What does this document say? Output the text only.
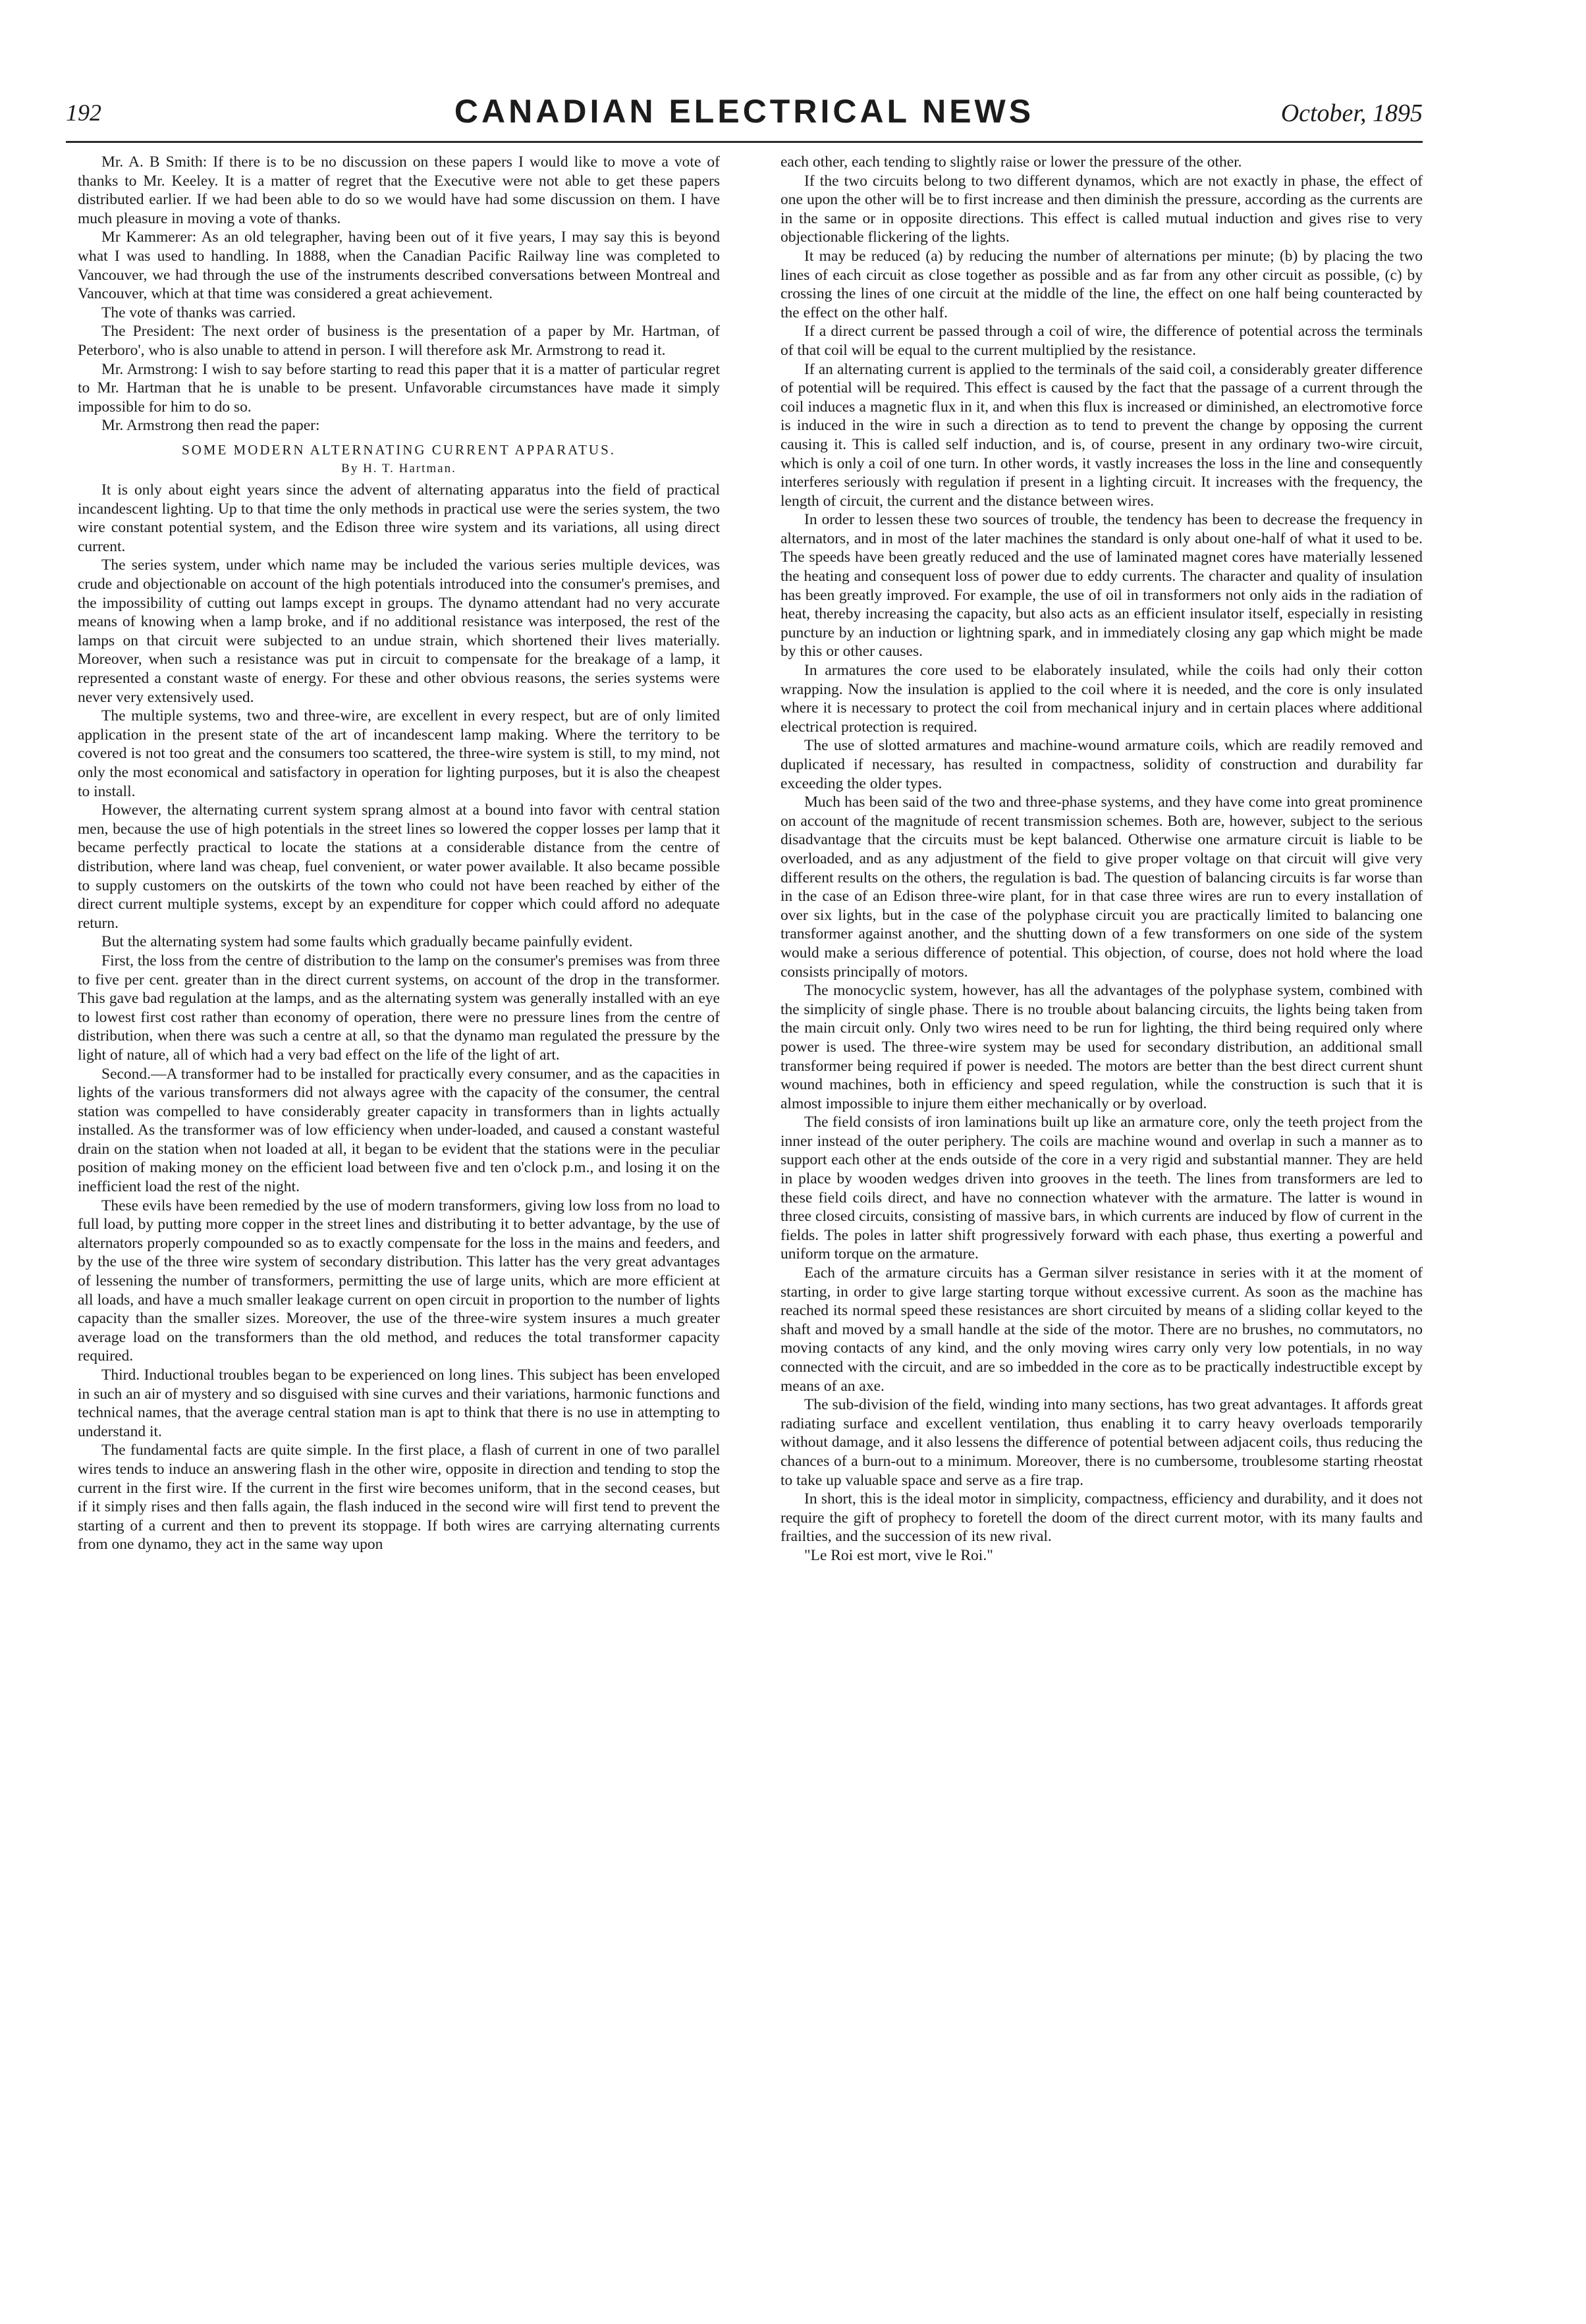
192	CANADIAN ELECTRICAL NEWS	October, 1895

Mr. A. B Smith: If there is to be no discussion on these papers I would like to move a vote of thanks to Mr. Keeley. It is a matter of regret that the Executive were not able to get these papers distributed earlier. If we had been able to do so we would have had some discussion on them. I have much pleasure in moving a vote of thanks.

Mr Kammerer: As an old telegrapher, having been out of it five years, I may say this is beyond what I was used to handling. In 1888, when the Canadian Pacific Railway line was completed to Vancouver, we had through the use of the instruments described conversations between Montreal and Vancouver, which at that time was considered a great achievement.

The vote of thanks was carried.

The President: The next order of business is the presentation of a paper by Mr. Hartman, of Peterboro', who is also unable to attend in person. I will therefore ask Mr. Armstrong to read it.

Mr. Armstrong: I wish to say before starting to read this paper that it is a matter of particular regret to Mr. Hartman that he is unable to be present. Unfavorable circumstances have made it simply impossible for him to do so.

Mr. Armstrong then read the paper:

SOME MODERN ALTERNATING CURRENT APPARATUS.

By H. T. Hartman.

It is only about eight years since the advent of alternating apparatus into the field of practical incandescent lighting. Up to that time the only methods in practical use were the series system, the two wire constant potential system, and the Edison three wire system and its variations, all using direct current.

The series system, under which name may be included the various series multiple devices, was crude and objectionable on account of the high potentials introduced into the consumer's premises, and the impossibility of cutting out lamps except in groups. The dynamo attendant had no very accurate means of knowing when a lamp broke, and if no additional resistance was interposed, the rest of the lamps on that circuit were subjected to an undue strain, which shortened their lives materially. Moreover, when such a resistance was put in circuit to compensate for the breakage of a lamp, it represented a constant waste of energy. For these and other obvious reasons, the series systems were never very extensively used.

The multiple systems, two and three-wire, are excellent in every respect, but are of only limited application in the present state of the art of incandescent lamp making. Where the territory to be covered is not too great and the consumers too scattered, the three-wire system is still, to my mind, not only the most economical and satisfactory in operation for lighting purposes, but it is also the cheapest to install.

However, the alternating current system sprang almost at a bound into favor with central station men, because the use of high potentials in the street lines so lowered the copper losses per lamp that it became perfectly practical to locate the stations at a considerable distance from the centre of distribution, where land was cheap, fuel convenient, or water power available. It also became possible to supply customers on the outskirts of the town who could not have been reached by either of the direct current multiple systems, except by an expenditure for copper which could afford no adequate return.

But the alternating system had some faults which gradually became painfully evident.

First, the loss from the centre of distribution to the lamp on the consumer's premises was from three to five per cent. greater than in the direct current systems, on account of the drop in the transformer. This gave bad regulation at the lamps, and as the alternating system was generally installed with an eye to lowest first cost rather than economy of operation, there were no pressure lines from the centre of distribution, when there was such a centre at all, so that the dynamo man regulated the pressure by the light of nature, all of which had a very bad effect on the life of the light of art.

Second.—A transformer had to be installed for practically every consumer, and as the capacities in lights of the various transformers did not always agree with the capacity of the consumer, the central station was compelled to have considerably greater capacity in transformers than in lights actually installed. As the transformer was of low efficiency when under-loaded, and caused a constant wasteful drain on the station when not loaded at all, it began to be evident that the stations were in the peculiar position of making money on the efficient load between five and ten o'clock p.m., and losing it on the inefficient load the rest of the night.

These evils have been remedied by the use of modern transformers, giving low loss from no load to full load, by putting more copper in the street lines and distributing it to better advantage, by the use of alternators properly compounded so as to exactly compensate for the loss in the mains and feeders, and by the use of the three wire system of secondary distribution. This latter has the very great advantages of lessening the number of transformers, permitting the use of large units, which are more efficient at all loads, and have a much smaller leakage current on open circuit in proportion to the number of lights capacity than the smaller sizes. Moreover, the use of the three-wire system insures a much greater average load on the transformers than the old method, and reduces the total transformer capacity required.

Third. Inductional troubles began to be experienced on long lines. This subject has been enveloped in such an air of mystery and so disguised with sine curves and their variations, harmonic functions and technical names, that the average central station man is apt to think that there is no use in attempting to understand it.

The fundamental facts are quite simple. In the first place, a flash of current in one of two parallel wires tends to induce an answering flash in the other wire, opposite in direction and tending to stop the current in the first wire. If the current in the first wire becomes uniform, that in the second ceases, but if it simply rises and then falls again, the flash induced in the second wire will first tend to prevent the starting of a current and then to prevent its stoppage. If both wires are carrying alternating currents from one dynamo, they act in the same way upon

each other, each tending to slightly raise or lower the pressure of the other.

If the two circuits belong to two different dynamos, which are not exactly in phase, the effect of one upon the other will be to first increase and then diminish the pressure, according as the currents are in the same or in opposite directions. This effect is called mutual induction and gives rise to very objectionable flickering of the lights.

It may be reduced (a) by reducing the number of alternations per minute; (b) by placing the two lines of each circuit as close together as possible and as far from any other circuit as possible, (c) by crossing the lines of one circuit at the middle of the line, the effect on one half being counteracted by the effect on the other half.

If a direct current be passed through a coil of wire, the difference of potential across the terminals of that coil will be equal to the current multiplied by the resistance.

If an alternating current is applied to the terminals of the said coil, a considerably greater difference of potential will be required. This effect is caused by the fact that the passage of a current through the coil induces a magnetic flux in it, and when this flux is increased or diminished, an electromotive force is induced in the wire in such a direction as to tend to prevent the change by opposing the current causing it. This is called self induction, and is, of course, present in any ordinary two-wire circuit, which is only a coil of one turn. In other words, it vastly increases the loss in the line and consequently interferes seriously with regulation if present in a lighting circuit. It increases with the frequency, the length of circuit, the current and the distance between wires.

In order to lessen these two sources of trouble, the tendency has been to decrease the frequency in alternators, and in most of the later machines the standard is only about one-half of what it used to be. The speeds have been greatly reduced and the use of laminated magnet cores have materially lessened the heating and consequent loss of power due to eddy currents. The character and quality of insulation has been greatly improved. For example, the use of oil in transformers not only aids in the radiation of heat, thereby increasing the capacity, but also acts as an efficient insulator itself, especially in resisting puncture by an induction or lightning spark, and in immediately closing any gap which might be made by this or other causes.

In armatures the core used to be elaborately insulated, while the coils had only their cotton wrapping. Now the insulation is applied to the coil where it is needed, and the core is only insulated where it is necessary to protect the coil from mechanical injury and in certain places where additional electrical protection is required.

The use of slotted armatures and machine-wound armature coils, which are readily removed and duplicated if necessary, has resulted in compactness, solidity of construction and durability far exceeding the older types.

Much has been said of the two and three-phase systems, and they have come into great prominence on account of the magnitude of recent transmission schemes. Both are, however, subject to the serious disadvantage that the circuits must be kept balanced. Otherwise one armature circuit is liable to be overloaded, and as any adjustment of the field to give proper voltage on that circuit will give very different results on the others, the regulation is bad. The question of balancing circuits is far worse than in the case of an Edison three-wire plant, for in that case three wires are run to every installation of over six lights, but in the case of the polyphase circuit you are practically limited to balancing one transformer against another, and the shutting down of a few transformers on one side of the system would make a serious difference of potential. This objection, of course, does not hold where the load consists principally of motors.

The monocyclic system, however, has all the advantages of the polyphase system, combined with the simplicity of single phase. There is no trouble about balancing circuits, the lights being taken from the main circuit only. Only two wires need to be run for lighting, the third being required only where power is used. The three-wire system may be used for secondary distribution, an additional small transformer being required if power is needed. The motors are better than the best direct current shunt wound machines, both in efficiency and speed regulation, while the construction is such that it is almost impossible to injure them either mechanically or by overload.

The field consists of iron laminations built up like an armature core, only the teeth project from the inner instead of the outer periphery. The coils are machine wound and overlap in such a manner as to support each other at the ends outside of the core in a very rigid and substantial manner. They are held in place by wooden wedges driven into grooves in the teeth. The lines from transformers are led to these field coils direct, and have no connection whatever with the armature. The latter is wound in three closed circuits, consisting of massive bars, in which currents are induced by flow of current in the fields. The poles in latter shift progressively forward with each phase, thus exerting a powerful and uniform torque on the armature.

Each of the armature circuits has a German silver resistance in series with it at the moment of starting, in order to give large starting torque without excessive current. As soon as the machine has reached its normal speed these resistances are short circuited by means of a sliding collar keyed to the shaft and moved by a small handle at the side of the motor. There are no brushes, no commutators, no moving contacts of any kind, and the only moving wires carry only very low potentials, in no way connected with the circuit, and are so imbedded in the core as to be practically indestructible except by means of an axe.

The sub-division of the field, winding into many sections, has two great advantages. It affords great radiating surface and excellent ventilation, thus enabling it to carry heavy overloads temporarily without damage, and it also lessens the difference of potential between adjacent coils, thus reducing the chances of a burn-out to a minimum. Moreover, there is no cumbersome, troublesome starting rheostat to take up valuable space and serve as a fire trap.

In short, this is the ideal motor in simplicity, compactness, efficiency and durability, and it does not require the gift of prophecy to foretell the doom of the direct current motor, with its many faults and frailties, and the succession of its new rival.

"Le Roi est mort, vive le Roi."
